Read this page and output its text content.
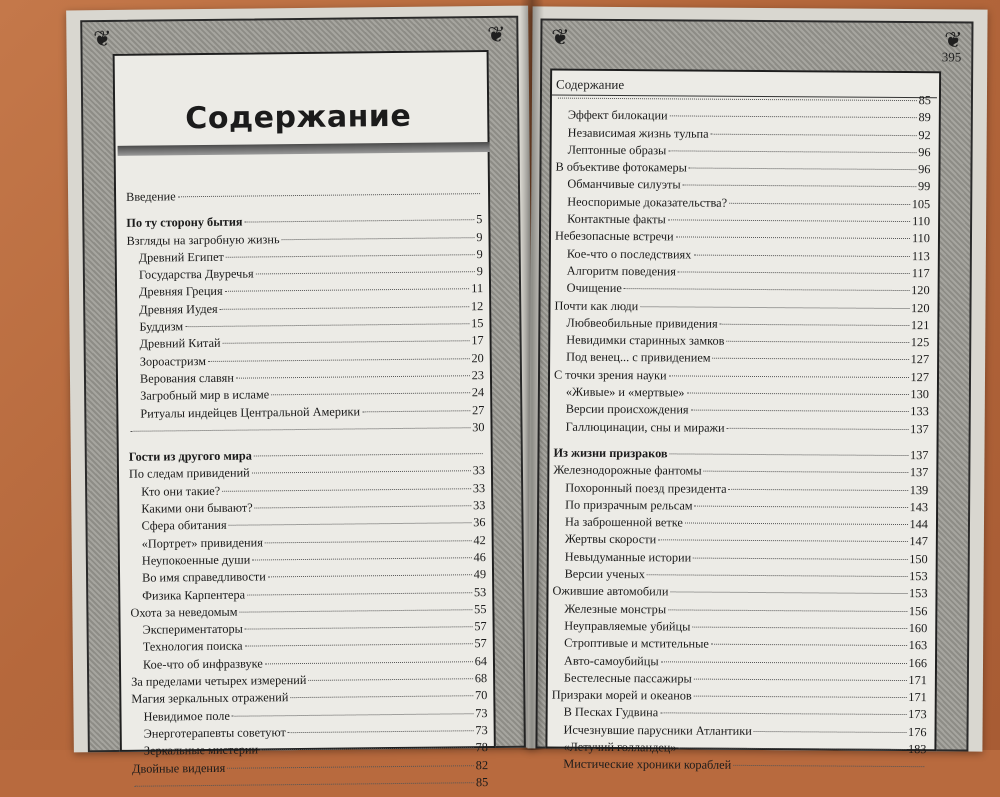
❦	❦
Содержание
Введение
По ту сторону бытия	5
Взгляды на загробную жизнь	9
Древний Египет	9
Государства Двуречья	9
Древняя Греция	11
Древняя Иудея	12
Буддизм	15
Древний Китай	17
Зороастризм	20
Верования славян	23
Загробный мир в исламе	24
Ритуалы индейцев Центральной Америки	27
30
Гости из другого мира
По следам привидений	33
Кто они такие?	33
Какими они бывают?	33
Сфера обитания	36
«Портрет» привидения	42
Неупокоенные души	46
Во имя справедливости	49
Физика Карпентера	53
Охота за неведомым	55
Экспериментаторы	57
Технология поиска	57
Кое-что об инфразвуке	64
За пределами четырех измерений	68
Магия зеркальных отражений	70
Невидимое поле	73
Энерготерапевты советуют	73
Зеркальные мистерии	78
Двойные видения	82
85
❦	❦
395
Содержание
85
Эффект билокации	89
Независимая жизнь тульпа	92
Лептонные образы	96
В объективе фотокамеры	96
Обманчивые силуэты	99
Неоспоримые доказательства?	105
Контактные факты	110
Небезопасные встречи	110
Кое-что о последствиях	113
Алгоритм поведения	117
Очищение	120
Почти как люди	120
Любвеобильные привидения	121
Невидимки старинных замков	125
Под венец... с привидением	127
С точки зрения науки	127
«Живые» и «мертвые»	130
Версии происхождения	133
Галлюцинации, сны и миражи	137
Из жизни призраков	137
Железнодорожные фантомы	137
Похоронный поезд президента	139
По призрачным рельсам	143
На заброшенной ветке	144
Жертвы скорости	147
Невыдуманные истории	150
Версии ученых	153
Ожившие автомобили	153
Железные монстры	156
Неуправляемые убийцы	160
Строптивые и мстительные	163
Авто-самоубийцы	166
Бестелесные пассажиры	171
Призраки морей и океанов	171
В Песках Гудвина	173
Исчезнувшие парусники Атлантики	176
«Летучий голландец»	183
Мистические хроники кораблей
